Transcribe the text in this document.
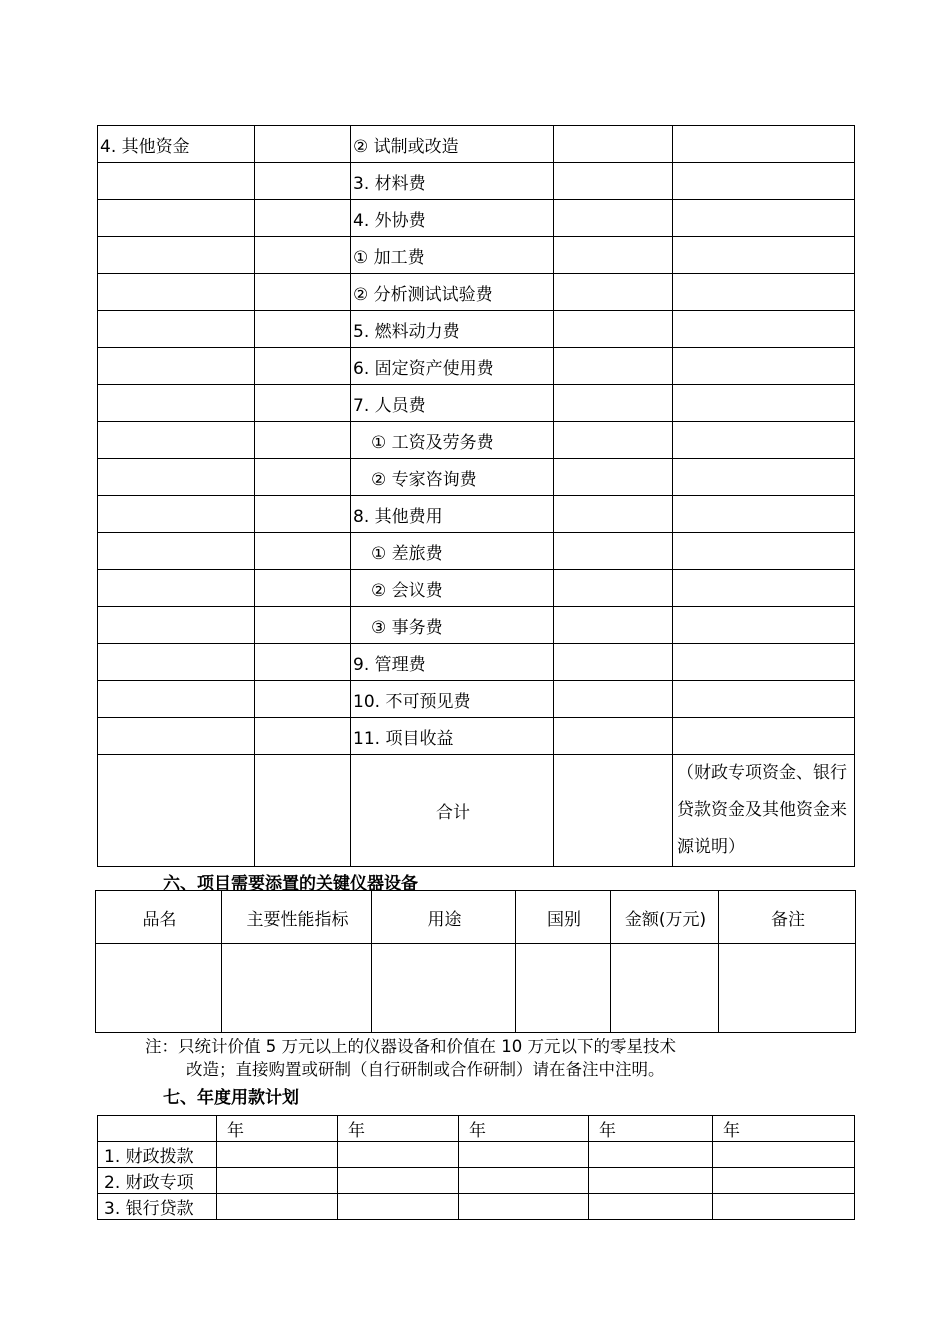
4. 其他资金		② 试制或改造		
		3. 材料费		
		4. 外协费		
		① 加工费		
		② 分析测试试验费		
		5. 燃料动力费		
		6. 固定资产使用费		
		7. 人员费		
		① 工资及劳务费		
		② 专家咨询费		
		8. 其他费用		
		① 差旅费		
		② 会议费		
		③ 事务费		
		9. 管理费		
		10. 不可预见费		
		11. 项目收益		
		合计		（财政专项资金、银行贷款资金及其他资金来源说明）
六、项目需要添置的关键仪器设备
品名	主要性能指标	用途	国别	金额(万元)	备注

注：只统计价值 5 万元以上的仪器设备和价值在 10 万元以下的零星技术
改造；直接购置或研制（自行研制或合作研制）请在备注中注明。
七、年度用款计划
	年	年	年	年	年
1. 财政拨款					
2. 财政专项					
3. 银行贷款					
